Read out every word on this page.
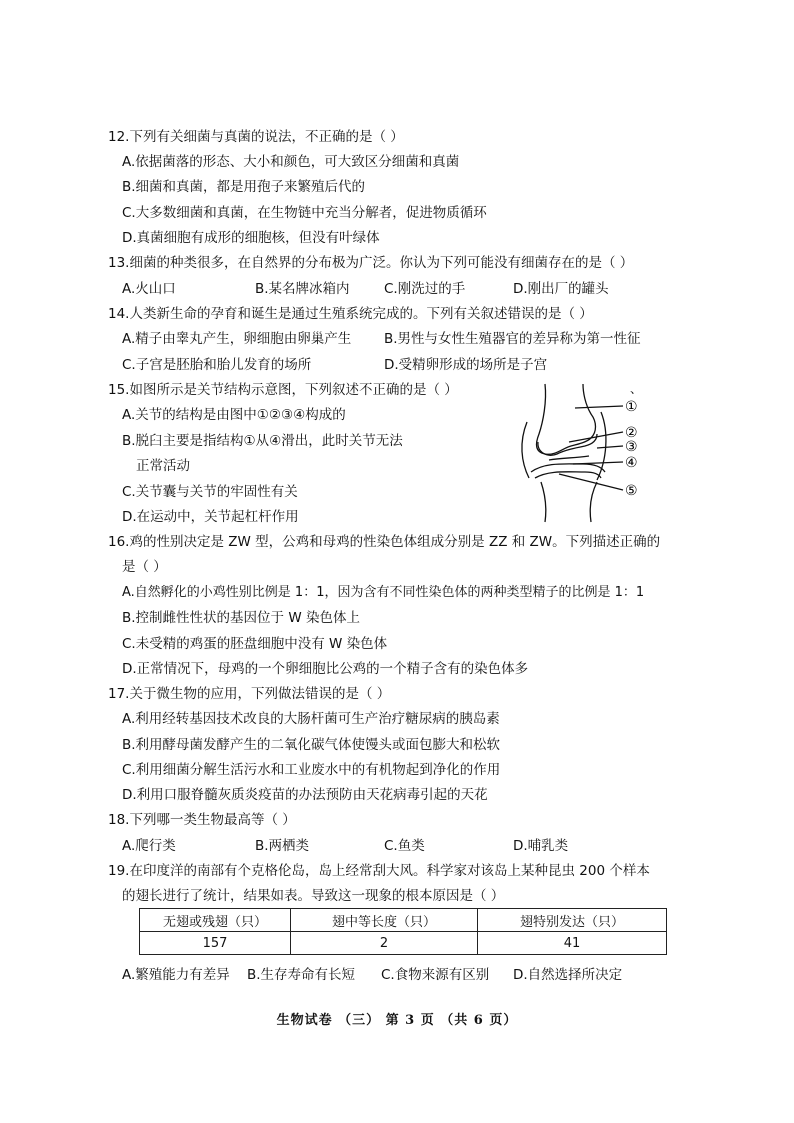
12.下列有关细菌与真菌的说法，不正确的是（ ）
A.依据菌落的形态、大小和颜色，可大致区分细菌和真菌
B.细菌和真菌，都是用孢子来繁殖后代的
C.大多数细菌和真菌，在生物链中充当分解者，促进物质循环
D.真菌细胞有成形的细胞核，但没有叶绿体
13.细菌的种类很多，在自然界的分布极为广泛。你认为下列可能没有细菌存在的是（ ）
A.火山口	B.某名牌冰箱内	C.刚洗过的手	D.刚出厂的罐头
14.人类新生命的孕育和诞生是通过生殖系统完成的。下列有关叙述错误的是（ ）
A.精子由睾丸产生，卵细胞由卵巢产生 B.男性与女性生殖器官的差异称为第一性征
C.子宫是胚胎和胎儿发育的场所	D.受精卵形成的场所是子宫
15.如图所示是关节结构示意图，下列叙述不正确的是（ ）	、
A.关节的结构是由图中①②③④构成的
B.脱臼主要是指结构①从④滑出，此时关节无法
正常活动
C.关节囊与关节的牢固性有关
D.在运动中，关节起杠杆作用
①
②
③
④
⑤
16.鸡的性别决定是 ZW 型，公鸡和母鸡的性染色体组成分别是 ZZ 和 ZW。下列描述正确的
是（ ）
A.自然孵化的小鸡性别比例是 1：1，因为含有不同性染色体的两种类型精子的比例是 1：1
B.控制雌性性状的基因位于 W 染色体上
C.未受精的鸡蛋的胚盘细胞中没有 W 染色体
D.正常情况下，母鸡的一个卵细胞比公鸡的一个精子含有的染色体多
17.关于微生物的应用，下列做法错误的是（ ）
A.利用经转基因技术改良的大肠杆菌可生产治疗糖尿病的胰岛素
B.利用酵母菌发酵产生的二氧化碳气体使馒头或面包膨大和松软
C.利用细菌分解生活污水和工业废水中的有机物起到净化的作用
D.利用口服脊髓灰质炎疫苗的办法预防由天花病毒引起的天花
18.下列哪一类生物最高等（ ）
A.爬行类	B.两栖类	C.鱼类	D.哺乳类
19.在印度洋的南部有个克格伦岛，岛上经常刮大风。科学家对该岛上某种昆虫 200 个样本
的翅长进行了统计，结果如表。导致这一现象的根本原因是（ ）
无翅或残翅（只）	翅中等长度（只）	翅特别发达（只）
157	2	41
A.繁殖能力有差异 B.生存寿命有长短 C.食物来源有区别 D.自然选择所决定
生物试卷 （三） 第 3 页 （共 6 页）
